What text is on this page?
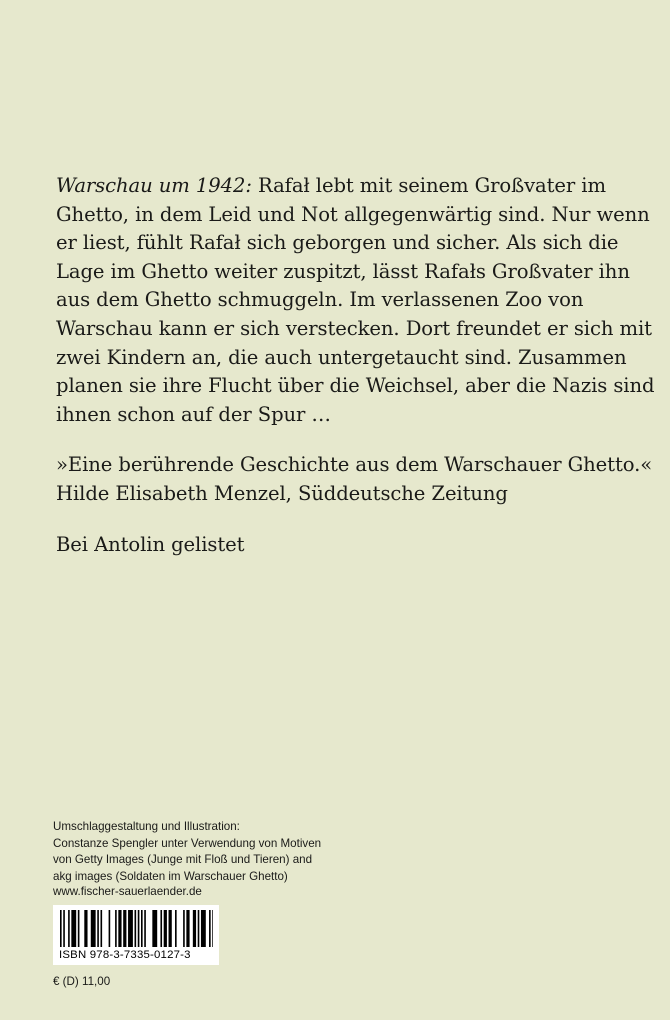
Warschau um 1942: Rafał lebt mit seinem Großvater im
Ghetto, in dem Leid und Not allgegenwärtig sind. Nur wenn
er liest, fühlt Rafał sich geborgen und sicher. Als sich die
Lage im Ghetto weiter zuspitzt, lässt Rafałs Großvater ihn
aus dem Ghetto schmuggeln. Im verlassenen Zoo von
Warschau kann er sich verstecken. Dort freundet er sich mit
zwei Kindern an, die auch untergetaucht sind. Zusammen
planen sie ihre Flucht über die Weichsel, aber die Nazis sind
ihnen schon auf der Spur …
»Eine berührende Geschichte aus dem Warschauer Ghetto.«
Hilde Elisabeth Menzel, Süddeutsche Zeitung
Bei Antolin gelistet
Umschlaggestaltung und Illustration:
Constanze Spengler unter Verwendung von Motiven
von Getty Images (Junge mit Floß und Tieren) and
akg images (Soldaten im Warschauer Ghetto)
www.fischer-sauerlaender.de
ISBN 978-3-7335-0127-3
€ (D) 11,00
